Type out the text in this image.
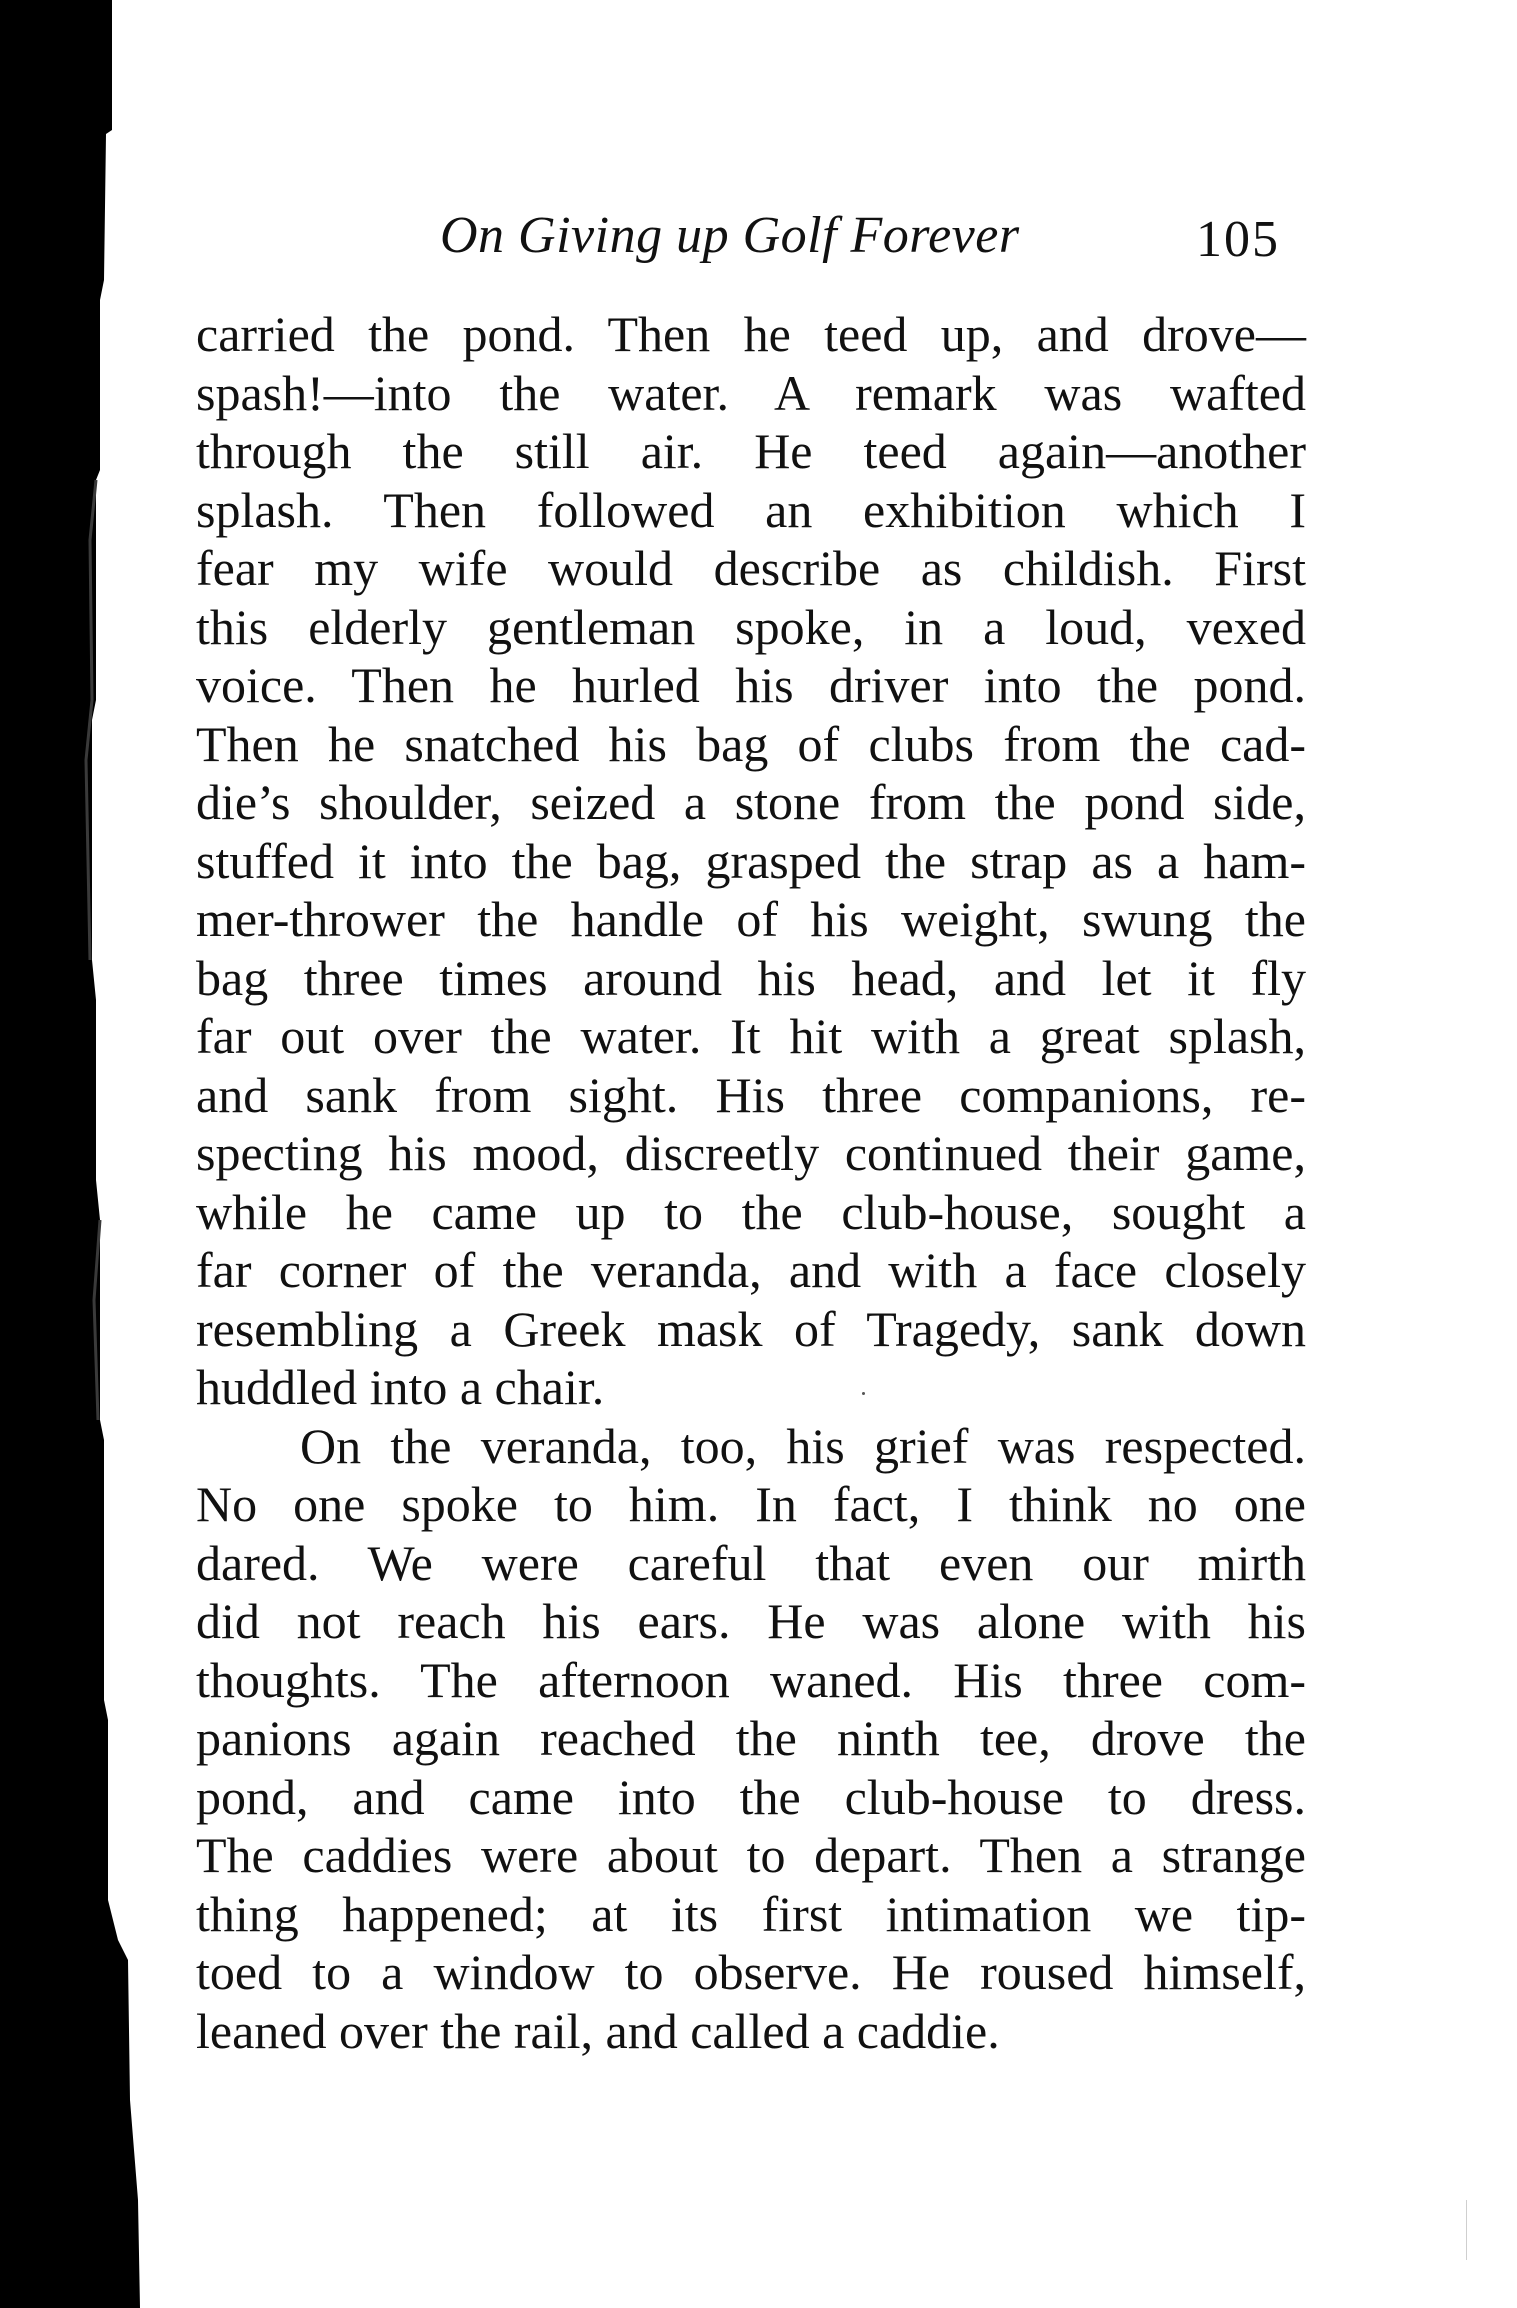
On Giving up Golf Forever	105
carried the pond. Then he teed up, and drove—
spash!—into the water. A remark was wafted
through the still air. He teed again—another
splash. Then followed an exhibition which I
fear my wife would describe as childish. First
this elderly gentleman spoke, in a loud, vexed
voice. Then he hurled his driver into the pond.
Then he snatched his bag of clubs from the cad-
die’s shoulder, seized a stone from the pond side,
stuffed it into the bag, grasped the strap as a ham-
mer-thrower the handle of his weight, swung the
bag three times around his head, and let it fly
far out over the water. It hit with a great splash,
and sank from sight. His three companions, re-
specting his mood, discreetly continued their game,
while he came up to the club-house, sought a
far corner of the veranda, and with a face closely
resembling a Greek mask of Tragedy, sank down
huddled into a chair.
On the veranda, too, his grief was respected.
No one spoke to him. In fact, I think no one
dared. We were careful that even our mirth
did not reach his ears. He was alone with his
thoughts. The afternoon waned. His three com-
panions again reached the ninth tee, drove the
pond, and came into the club-house to dress.
The caddies were about to depart. Then a strange
thing happened; at its first intimation we tip-
toed to a window to observe. He roused himself,
leaned over the rail, and called a caddie.
